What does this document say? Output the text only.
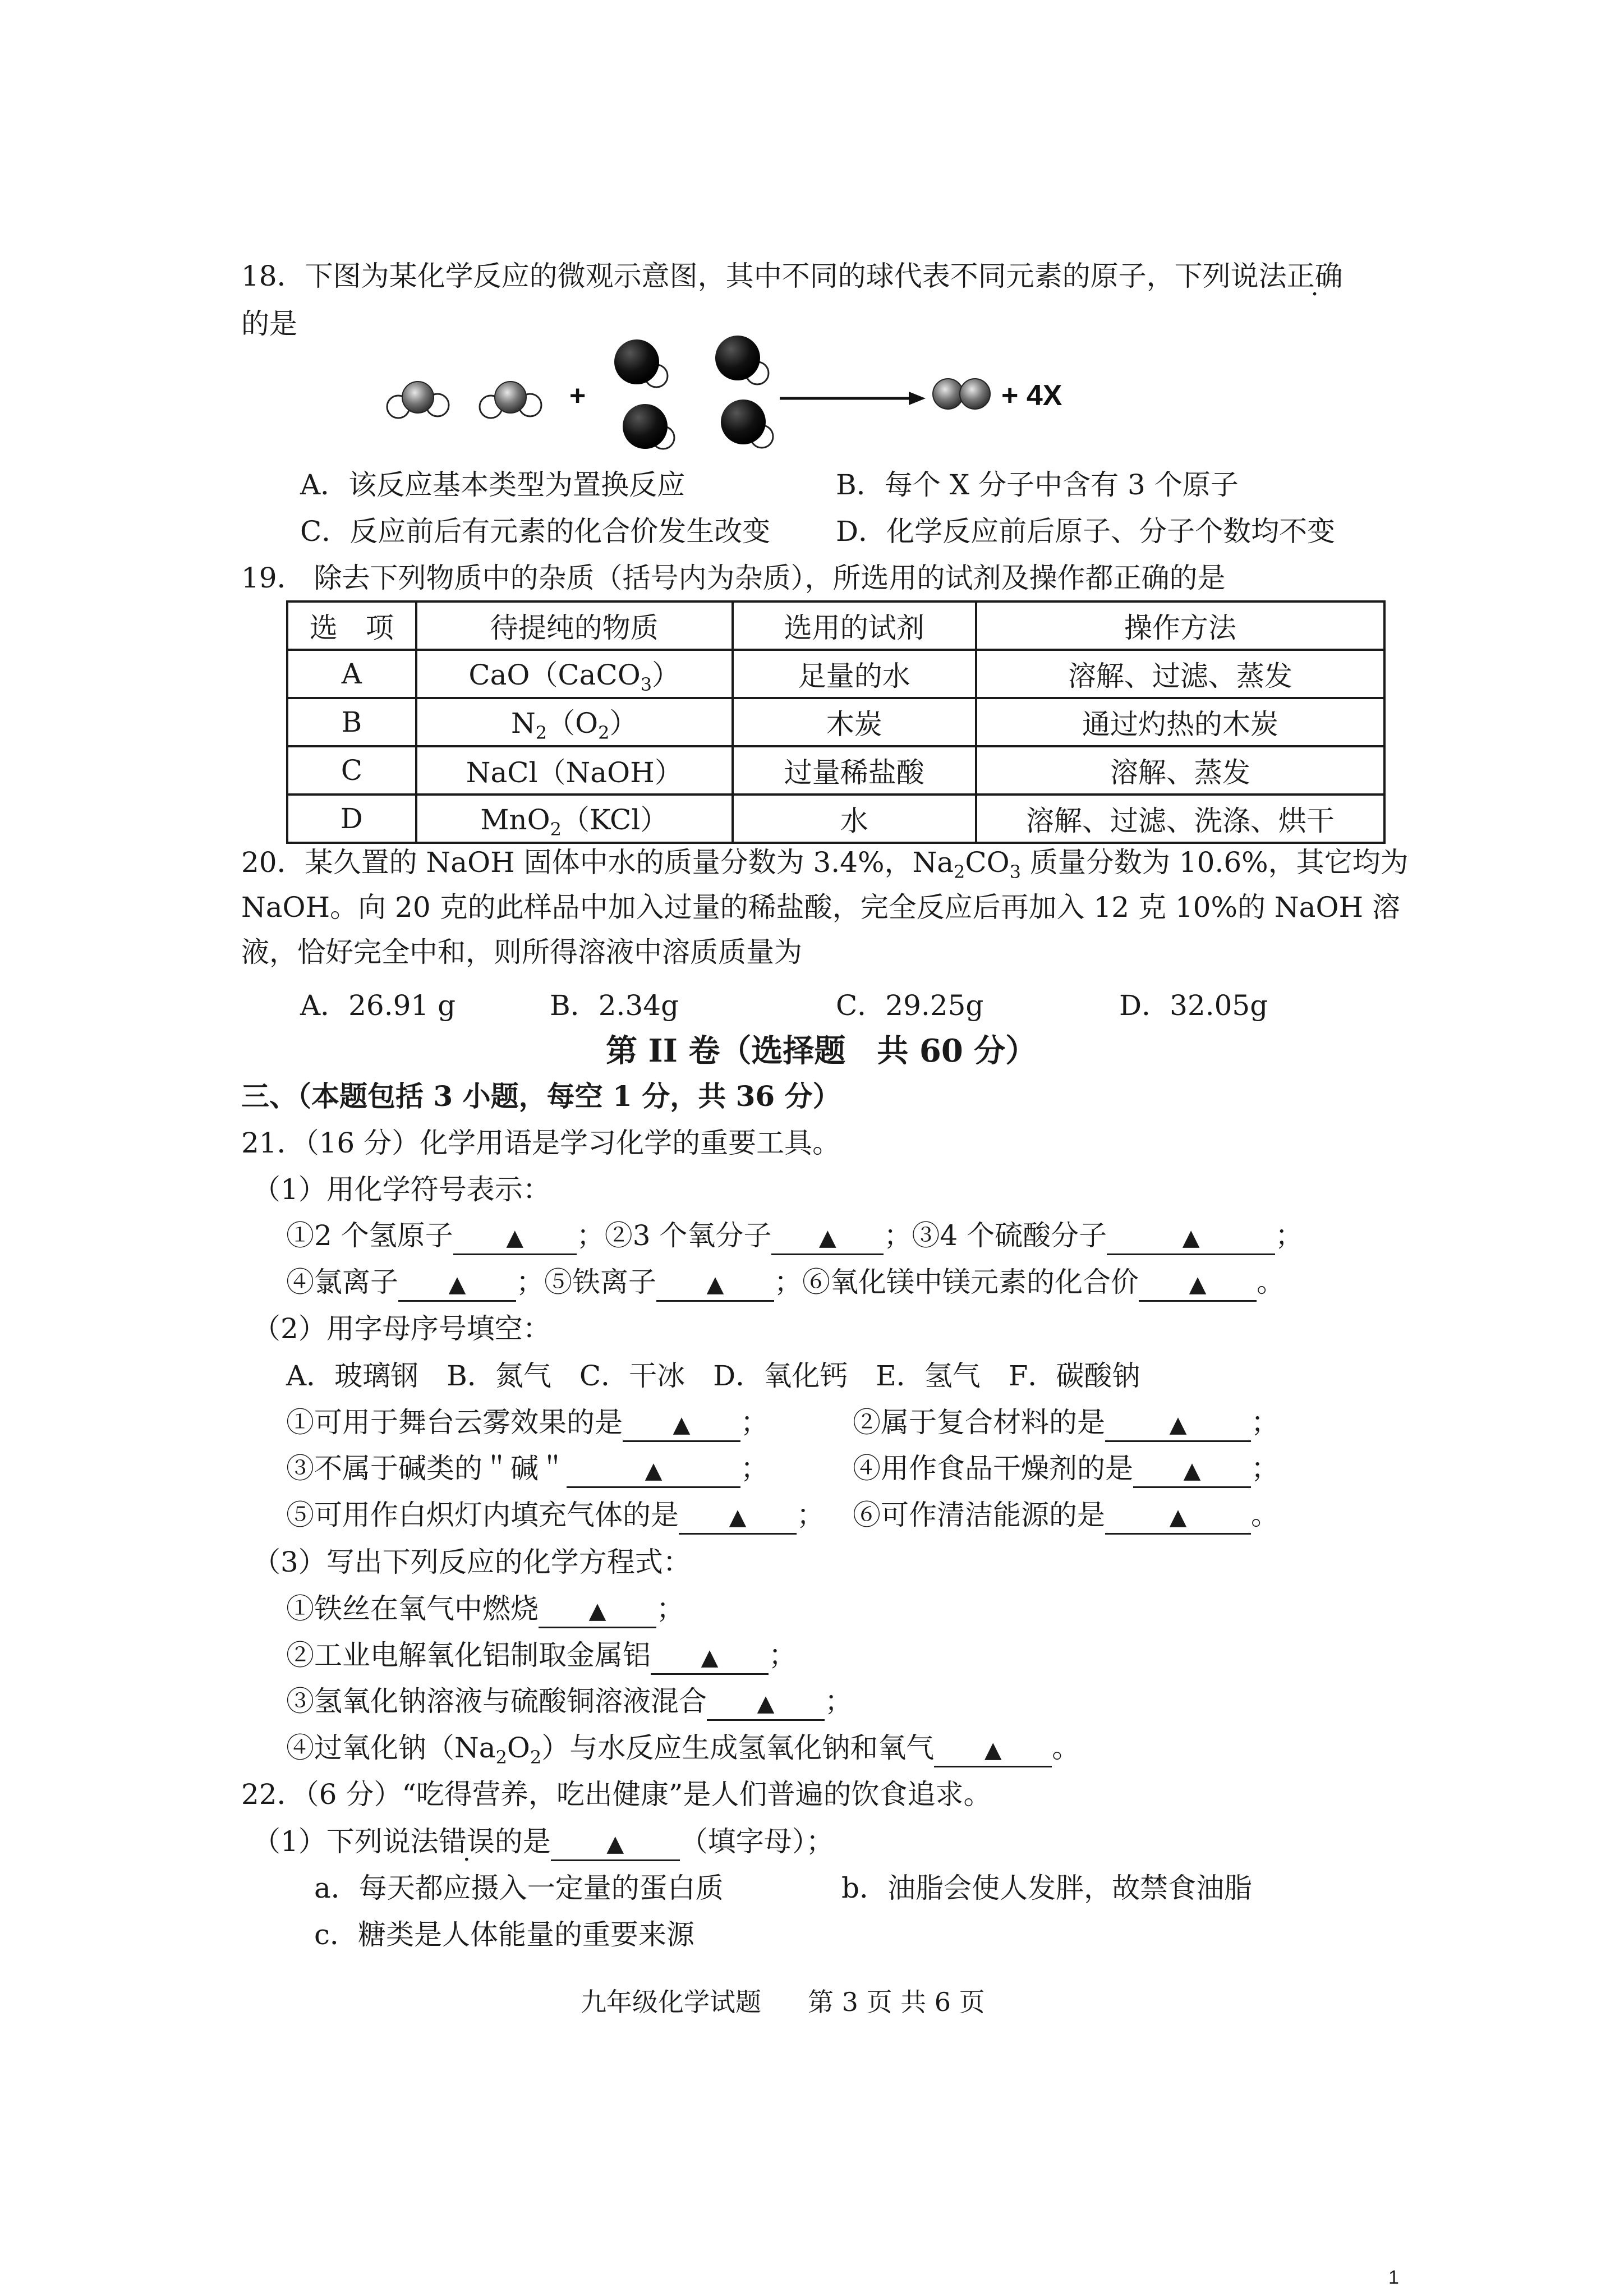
18．下图为某化学反应的微观示意图，其中不同的球代表不同元素的原子，下列说法正确
的是
+	+ 4X
A．该反应基本类型为置换反应	B．每个 X 分子中含有 3 个原子
C．反应前后有元素的化合价发生改变 D．化学反应前后原子、分子个数均不变
19． 除去下列物质中的杂质（括号内为杂质），所选用的试剂及操作都正确的是
选　项	待提纯的物质	选用的试剂	操作方法
A	CaO（CaCO$_3$）	足量的水	溶解、过滤、蒸发
B	$N_2(O_2)$	木炭	通过灼热的木炭
C	NaCl（NaOH）	过量稀盐酸	溶解、蒸发
D	MnO$_2$（KCl）	水	溶解、过滤、洗涤、烘干
20．某久置的 NaOH 固体中水的质量分数为 3.4%，$Na_2CO_3$ 质量分数为 10.6%，其它均为
NaOH。向 20 克的此样品中加入过量的稀盐酸，完全反应后再加入 12 克 10%的 NaOH 溶
液，恰好完全中和，则所得溶液中溶质质量为
A．26.91 g	B．2.34g	C．29.25g	D．32.05g
第 II 卷（选择题　共 60 分）
三、（本题包括 3 小题，每空 1 分，共 36 分）
21．（16 分）化学用语是学习化学的重要工具。
（1）用化学符号表示：
①2 个氢原子 ▲ ；②3 个氧分子 ▲ ；③4 个硫酸分子	▲	；
④氯离子 ▲ ；⑤铁离子 ▲ ；⑥氧化镁中镁元素的化合价 ▲ 。
（2）用字母序号填空：
A．玻璃钢　B．氮气　C．干冰　D．氧化钙　E．氢气　F．碳酸钠
①可用于舞台云雾效果的是 ▲ ；	②属于复合材料的是	▲ ；
③不属于碱类的＂碱＂	▲	；	④用作食品干燥剂的是 ▲ ；
⑤可用作白炽灯内填充气体的是 ▲ ； ⑥可作清洁能源的是	▲ 。
（3）写出下列反应的化学方程式：
①铁丝在氧气中燃烧 ▲ ；
②工业电解氧化铝制取金属铝 ▲ ；
③氢氧化钠溶液与硫酸铜溶液混合 ▲ ；
④过氧化钠$(Na_2O_2)$与水反应生成氢氧化钠和氧气 ▲ 。
22．（6 分）“吃得营养，吃出健康”是人们普遍的饮食追求。
（1）下列说法错误的是 ▲ （填字母）；
a．每天都应摄入一定量的蛋白质	b．油脂会使人发胖，故禁食油脂
c．糖类是人体能量的重要来源
九年级化学试题 第 3 页 共 6 页
1
